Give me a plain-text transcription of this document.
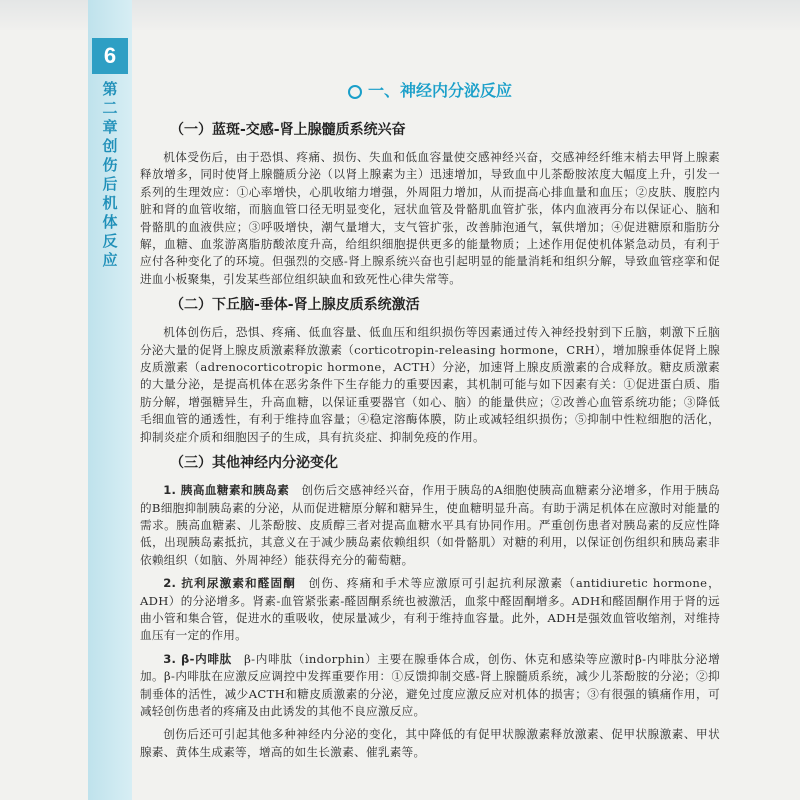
6
第二章 创伤后机体反应
一、神经内分泌反应
（一）蓝斑-交感-肾上腺髓质系统兴奋

机体受伤后，由于恐惧、疼痛、损伤、失血和低血容量使交感神经兴奋，交感神经纤维末梢去甲肾上腺素释放增多，同时使肾上腺髓质分泌（以肾上腺素为主）迅速增加，导致血中儿茶酚胺浓度大幅度上升，引发一系列的生理效应：①心率增快，心肌收缩力增强，外周阻力增加，从而提高心排血量和血压；②皮肤、腹腔内脏和肾的血管收缩，而脑血管口径无明显变化，冠状血管及骨骼肌血管扩张，体内血液再分布以保证心、脑和骨骼肌的血液供应；③呼吸增快，潮气量增大，支气管扩张，改善肺泡通气，氧供增加；④促进糖原和脂肪分解，血糖、血浆游离脂肪酸浓度升高，给组织细胞提供更多的能量物质；上述作用促使机体紧急动员，有利于应付各种变化了的环境。但强烈的交感-肾上腺系统兴奋也引起明显的能量消耗和组织分解，导致血管痉挛和促进血小板聚集，引发某些部位组织缺血和致死性心律失常等。

（二）下丘脑-垂体-肾上腺皮质系统激活

机体创伤后，恐惧、疼痛、低血容量、低血压和组织损伤等因素通过传入神经投射到下丘脑，刺激下丘脑分泌大量的促肾上腺皮质激素释放激素（corticotropin-releasing hormone，CRH），增加腺垂体促肾上腺皮质激素（adrenocorticotropic hormone，ACTH）分泌，加速肾上腺皮质激素的合成释放。糖皮质激素的大量分泌，是提高机体在恶劣条件下生存能力的重要因素，其机制可能与如下因素有关：①促进蛋白质、脂肪分解，增强糖异生，升高血糖，以保证重要器官（如心、脑）的能量供应；②改善心血管系统功能；③降低毛细血管的通透性，有利于维持血容量；④稳定溶酶体膜，防止或减轻组织损伤；⑤抑制中性粒细胞的活化，抑制炎症介质和细胞因子的生成，具有抗炎症、抑制免疫的作用。

（三）其他神经内分泌变化

1. 胰高血糖素和胰岛素　 创伤后交感神经兴奋，作用于胰岛的A细胞使胰高血糖素分泌增多，作用于胰岛的B细胞抑制胰岛素的分泌，从而促进糖原分解和糖异生，使血糖明显升高。有助于满足机体在应激时对能量的需求。胰高血糖素、儿茶酚胺、皮质醇三者对提高血糖水平具有协同作用。严重创伤患者对胰岛素的反应性降低，出现胰岛素抵抗，其意义在于减少胰岛素依赖组织（如骨骼肌）对糖的利用，以保证创伤组织和胰岛素非依赖组织（如脑、外周神经）能获得充分的葡萄糖。

2. 抗利尿激素和醛固酮　 创伤、疼痛和手术等应激原可引起抗利尿激素（antidiuretic hormone，ADH）的分泌增多。肾素-血管紧张素-醛固酮系统也被激活，血浆中醛固酮增多。ADH和醛固酮作用于肾的远曲小管和集合管，促进水的重吸收，使尿量减少，有利于维持血容量。此外，ADH是强效血管收缩剂，对维持血压有一定的作用。

3. β-内啡肽　 β-内啡肽（indorphin）主要在腺垂体合成，创伤、休克和感染等应激时β-内啡肽分泌增加。β-内啡肽在应激反应调控中发挥重要作用：①反馈抑制交感-肾上腺髓质系统，减少儿茶酚胺的分泌；②抑制垂体的活性，减少ACTH和糖皮质激素的分泌，避免过度应激反应对机体的损害；③有很强的镇痛作用，可减轻创伤患者的疼痛及由此诱发的其他不良应激反应。

创伤后还可引起其他多种神经内分泌的变化，其中降低的有促甲状腺激素释放激素、促甲状腺激素、甲状腺素、黄体生成素等，增高的如生长激素、催乳素等。
